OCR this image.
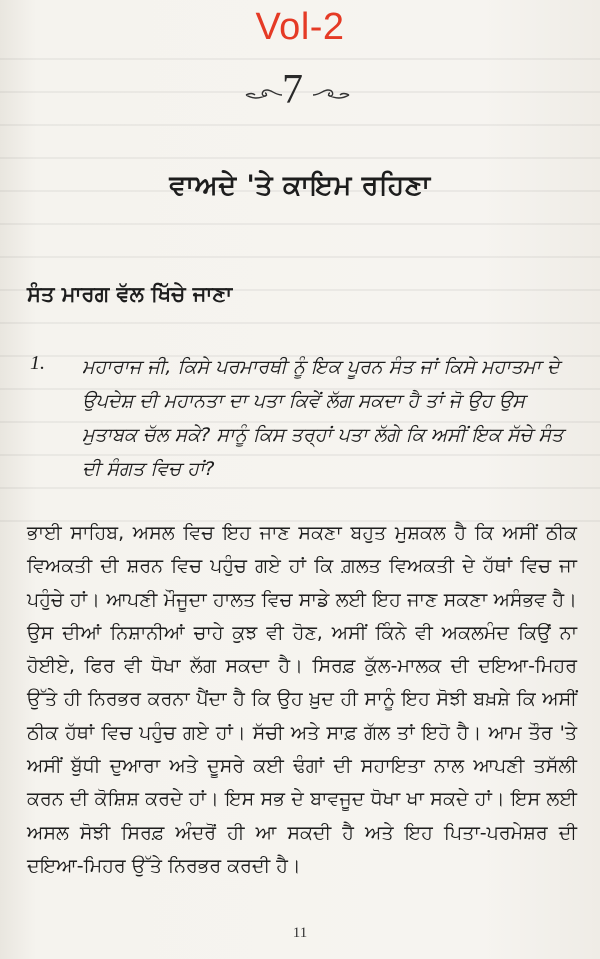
Vol-2
7
ਵਾਅਦੇ 'ਤੇ ਕਾਇਮ ਰਹਿਣਾ
ਸੰਤ ਮਾਰਗ ਵੱਲ ਖਿੱਚੇ ਜਾਣਾ
1. ਮਹਾਰਾਜ ਜੀ, ਕਿਸੇ ਪਰਮਾਰਥੀ ਨੂੰ ਇਕ ਪੂਰਨ ਸੰਤ ਜਾਂ ਕਿਸੇ ਮਹਾਤਮਾ ਦੇ ਉਪਦੇਸ਼ ਦੀ ਮਹਾਨਤਾ ਦਾ ਪਤਾ ਕਿਵੇਂ ਲੱਗ ਸਕਦਾ ਹੈ ਤਾਂ ਜੋ ਉਹ ਉਸ ਮੁਤਾਬਕ ਚੱਲ ਸਕੇ? ਸਾਨੂੰ ਕਿਸ ਤਰ੍ਹਾਂ ਪਤਾ ਲੱਗੇ ਕਿ ਅਸੀਂ ਇਕ ਸੱਚੇ ਸੰਤ ਦੀ ਸੰਗਤ ਵਿਚ ਹਾਂ?
ਭਾਈ ਸਾਹਿਬ, ਅਸਲ ਵਿਚ ਇਹ ਜਾਣ ਸਕਣਾ ਬਹੁਤ ਮੁਸ਼ਕਲ ਹੈ ਕਿ ਅਸੀਂ ਠੀਕ ਵਿਅਕਤੀ ਦੀ ਸ਼ਰਨ ਵਿਚ ਪਹੁੰਚ ਗਏ ਹਾਂ ਕਿ ਗ਼ਲਤ ਵਿਅਕਤੀ ਦੇ ਹੱਥਾਂ ਵਿਚ ਜਾ ਪਹੁੰਚੇ ਹਾਂ। ਆਪਣੀ ਮੌਜੂਦਾ ਹਾਲਤ ਵਿਚ ਸਾਡੇ ਲਈ ਇਹ ਜਾਣ ਸਕਣਾ ਅਸੰਭਵ ਹੈ। ਉਸ ਦੀਆਂ ਨਿਸ਼ਾਨੀਆਂ ਚਾਹੇ ਕੁਝ ਵੀ ਹੋਣ, ਅਸੀਂ ਕਿੰਨੇ ਵੀ ਅਕਲਮੰਦ ਕਿਉਂ ਨਾ ਹੋਈਏ, ਫਿਰ ਵੀ ਧੋਖਾ ਲੱਗ ਸਕਦਾ ਹੈ। ਸਿਰਫ਼ ਕੁੱਲ-ਮਾਲਕ ਦੀ ਦਇਆ-ਮਿਹਰ ਉੱਤੇ ਹੀ ਨਿਰਭਰ ਕਰਨਾ ਪੈਂਦਾ ਹੈ ਕਿ ਉਹ ਖ਼ੁਦ ਹੀ ਸਾਨੂੰ ਇਹ ਸੋਝੀ ਬਖ਼ਸ਼ੇ ਕਿ ਅਸੀਂ ਠੀਕ ਹੱਥਾਂ ਵਿਚ ਪਹੁੰਚ ਗਏ ਹਾਂ। ਸੱਚੀ ਅਤੇ ਸਾਫ਼ ਗੱਲ ਤਾਂ ਇਹੋ ਹੈ। ਆਮ ਤੌਰ 'ਤੇ ਅਸੀਂ ਬੁੱਧੀ ਦੁਆਰਾ ਅਤੇ ਦੂਸਰੇ ਕਈ ਢੰਗਾਂ ਦੀ ਸਹਾਇਤਾ ਨਾਲ ਆਪਣੀ ਤਸੱਲੀ ਕਰਨ ਦੀ ਕੋਸ਼ਿਸ਼ ਕਰਦੇ ਹਾਂ। ਇਸ ਸਭ ਦੇ ਬਾਵਜੂਦ ਧੋਖਾ ਖਾ ਸਕਦੇ ਹਾਂ। ਇਸ ਲਈ ਅਸਲ ਸੋਝੀ ਸਿਰਫ਼ ਅੰਦਰੋਂ ਹੀ ਆ ਸਕਦੀ ਹੈ ਅਤੇ ਇਹ ਪਿਤਾ-ਪਰਮੇਸ਼ਰ ਦੀ ਦਇਆ-ਮਿਹਰ ਉੱਤੇ ਨਿਰਭਰ ਕਰਦੀ ਹੈ।
11
